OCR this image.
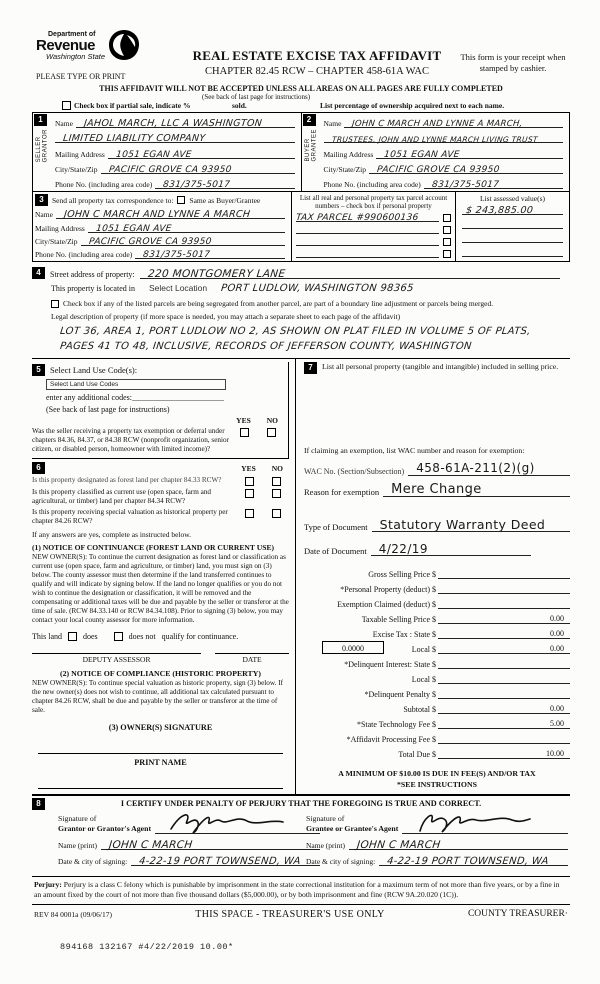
Department of
Revenue
Washington State	REAL ESTATE EXCISE TAX AFFIDAVIT
CHAPTER 82.45 RCW – CHAPTER 458-61A WAC
This form is your receipt when stamped by cashier.
PLEASE TYPE OR PRINT
THIS AFFIDAVIT WILL NOT BE ACCEPTED UNLESS ALL AREAS ON ALL PAGES ARE FULLY COMPLETED
(See back of last page for instructions)
Check box if partial sale, indicate %	sold.	List percentage of ownership acquired next to each name.
1
SELLER
GRANTOR
Name JAHOL MARCH, LLC A WASHINGTON
LIMITED LIABILITY COMPANY
Mailing Address 1051 EGAN AVE
City/State/Zip PACIFIC GROVE CA 93950
Phone No. (including area code) 831/375-5017
2
BUYER
GRANTEE
Name JOHN C MARCH AND LYNNE A MARCH,
TRUSTEES, JOHN AND LYNNE MARCH LIVING TRUST
Mailing Address 1051 EGAN AVE
City/State/Zip PACIFIC GROVE CA 93950
Phone No. (including area code) 831/375-5017
3	Send all property tax correspondence to: Same as Buyer/Grantee
Name JOHN C MARCH AND LYNNE A MARCH
Mailing Address 1051 EGAN AVE
City/State/Zip PACIFIC GROVE CA 93950
Phone No. (including area code) 831/375-5017
List all real and personal property tax parcel account numbers – check box if personal property
TAX PARCEL #990600136
List assessed value(s)
$ 243,885.00
4	Street address of property: 220 MONTGOMERY LANE
This property is located in Select Location PORT LUDLOW, WASHINGTON 98365
Check box if any of the listed parcels are being segregated from another parcel, are part of a boundary line adjustment or parcels being merged.
Legal description of property (if more space is needed, you may attach a separate sheet to each page of the affidavit)
LOT 36, AREA 1, PORT LUDLOW NO 2, AS SHOWN ON PLAT FILED IN VOLUME 5 OF PLATS,
PAGES 41 TO 48, INCLUSIVE, RECORDS OF JEFFERSON COUNTY, WASHINGTON
5	Select Land Use Code(s):
Select Land Use Codes
enter any additional codes:_______________________
(See back of last page for instructions)
YES NO
Was the seller receiving a property tax exemption or deferral under chapters 84.36, 84.37, or 84.38 RCW (nonprofit organization, senior citizen, or disabled person, homeowner with limited income)?
6	YES NO
Is this property designated as forest land per chapter 84.33 RCW?
Is this property classified as current use (open space, farm and agricultural, or timber) land per chapter 84.34 RCW?
Is this property receiving special valuation as historical property per chapter 84.26 RCW?
If any answers are yes, complete as instructed below.
(1) NOTICE OF CONTINUANCE (FOREST LAND OR CURRENT USE)
NEW OWNER(S): To continue the current designation as forest land or classification as current use (open space, farm and agriculture, or timber) land, you must sign on (3) below. The county assessor must then determine if the land transferred continues to qualify and will indicate by signing below. If the land no longer qualifies or you do not wish to continue the designation or classification, it will be removed and the compensating or additional taxes will be due and payable by the seller or transferor at the time of sale. (RCW 84.33.140 or RCW 84.34.108). Prior to signing (3) below, you may contact your local county assessor for more information.
This land	does	does not qualify for continuance.
DEPUTY ASSESSOR	DATE
(2) NOTICE OF COMPLIANCE (HISTORIC PROPERTY)
NEW OWNER(S): To continue special valuation as historic property, sign (3) below. If the new owner(s) does not wish to continue, all additional tax calculated pursuant to chapter 84.26 RCW, shall be due and payable by the seller or transferor at the time of sale.
(3) OWNER(S) SIGNATURE
PRINT NAME
7	List all personal property (tangible and intangible) included in selling price.
If claiming an exemption, list WAC number and reason for exemption:
WAC No. (Section/Subsection) 458-61A-211(2)(g)
Reason for exemption Mere Change
Type of Document Statutory Warranty Deed
Date of Document 4/22/19
Gross Selling Price $
*Personal Property (deduct) $
Exemption Claimed (deduct) $
Taxable Selling Price $	0.00
Excise Tax : State $	0.00
0.0000	Local $	0.00
*Delinquent Interest: State $
Local $
*Delinquent Penalty $
Subtotal $	0.00
*State Technology Fee $	5.00
*Affidavit Processing Fee $
Total Due $	10.00
A MINIMUM OF $10.00 IS DUE IN FEE(S) AND/OR TAX
*SEE INSTRUCTIONS
8	I CERTIFY UNDER PENALTY OF PERJURY THAT THE FOREGOING IS TRUE AND CORRECT.
Signature of
Grantor or Grantor's Agent
Name (print) JOHN C MARCH
Date & city of signing: 4-22-19 PORT TOWNSEND, WA
Signature of
Grantee or Grantee's Agent
Name (print) JOHN C MARCH
Date & city of signing: 4-22-19 PORT TOWNSEND, WA
Perjury: Perjury is a class C felony which is punishable by imprisonment in the state correctional institution for a maximum term of not more than five years, or by a fine in an amount fixed by the court of not more than five thousand dollars ($5,000.00), or by both imprisonment and fine (RCW 9A.20.020 (1C)).
REV 84 0001a (09/06/17)	THIS SPACE - TREASURER'S USE ONLY	COUNTY TREASURER·
894168 132167 #4/22/2019 10.00*
